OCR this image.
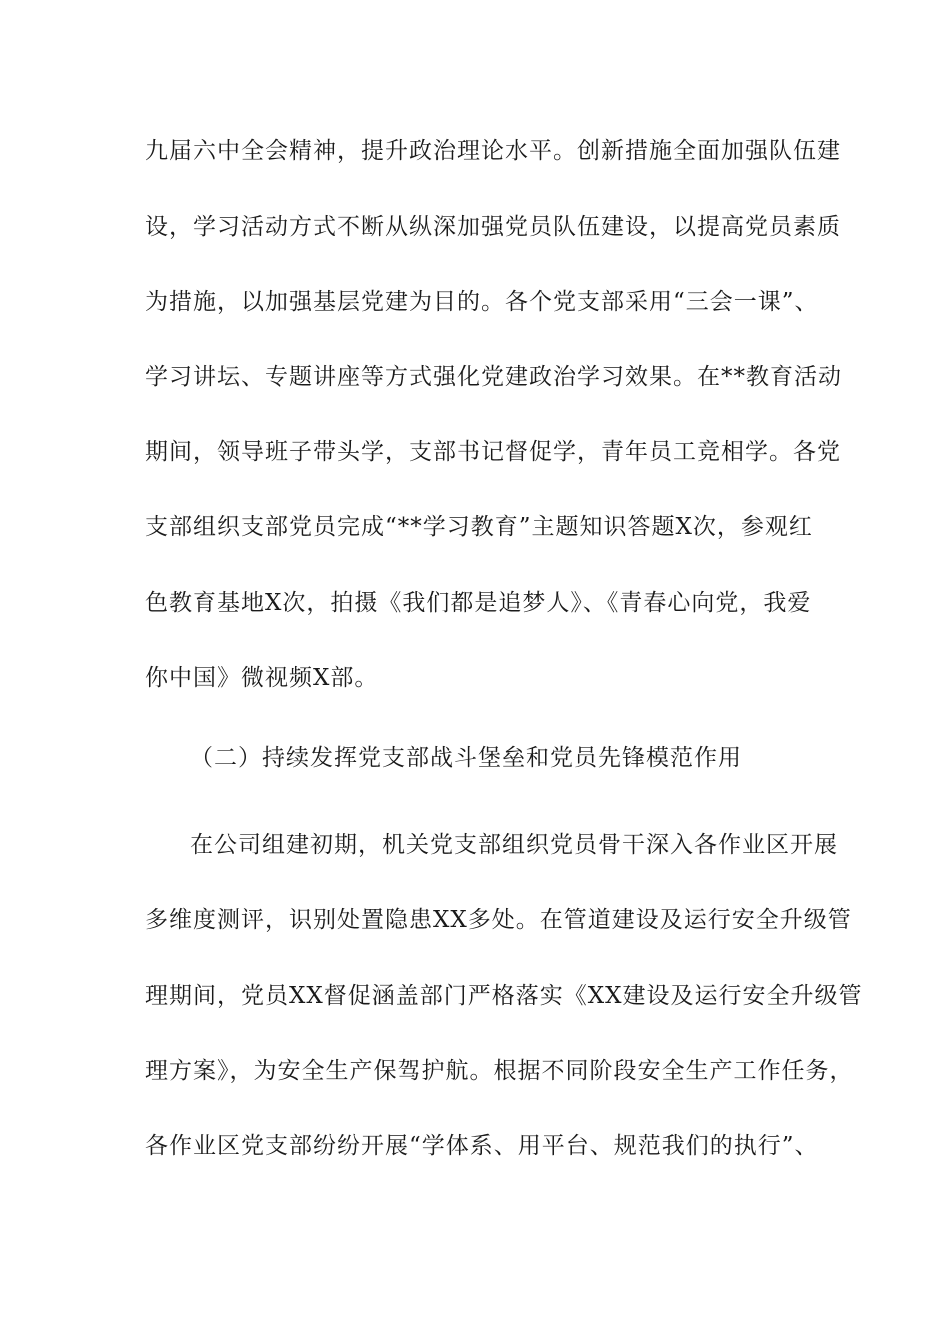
九届六中全会精神，提升政治理论水平。创新措施全面加强队伍建
设，学习活动方式不断从纵深加强党员队伍建设，以提高党员素质
为措施，以加强基层党建为目的。各个党支部采用“三会一课”、
学习讲坛、专题讲座等方式强化党建政治学习效果。在**教育活动
期间，领导班子带头学，支部书记督促学，青年员工竞相学。各党
支部组织支部党员完成“**学习教育”主题知识答题X次，参观红
色教育基地X次，拍摄《我们都是追梦人》、《青春心向党，我爱
你中国》微视频X部。
（二）持续发挥党支部战斗堡垒和党员先锋模范作用
在公司组建初期，机关党支部组织党员骨干深入各作业区开展
多维度测评，识别处置隐患XX多处。在管道建设及运行安全升级管
理期间，党员XX督促涵盖部门严格落实《XX建设及运行安全升级管
理方案》，为安全生产保驾护航。根据不同阶段安全生产工作任务，
各作业区党支部纷纷开展“学体系、用平台、规范我们的执行”、
